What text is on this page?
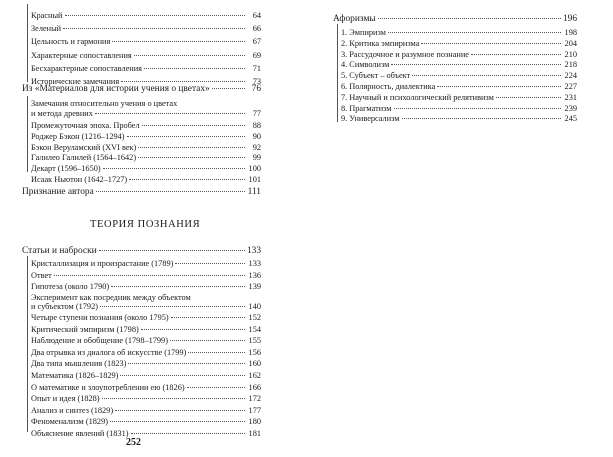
Красный	64
Зеленый	66
Цельность и гармония	67
Характерные сопоставления	69
Бесхарактерные сопоставления	71
Исторические замечания	73
Из «Материалов для истории учения о цветах»	76
Замечания относительно учения о цветах
и метода древних	77
Промежуточная эпоха. Пробел	88
Роджер Бэкон (1216–1294)	90
Бэкон Веруламский (XVI век)	92
Галилео Галилей (1564–1642)	99
Декарт (1596–1650)	100
Исаак Ньютон (1642–1727)	101
Признание автора	111
ТЕОРИЯ ПОЗНАНИЯ
Статьи и наброски	133
Кристаллизация и произрастание (1789)	133
Ответ	136
Гипотеза (около 1790)	139
Эксперимент как посредник между объектом
и субъектом (1792)	140
Четыре ступени познания (около 1795)	152
Критический эмпиризм (1798)	154
Наблюдение и обобщение (1798–1799)	155
Два отрывка из диалога об искусстве (1799)	156
Два типа мышления (1823)	160
Математика (1826–1829)	162
О математике и злоупотреблении ею (1826)	166
Опыт и идея (1828)	172
Анализ и синтез (1829)	177
Феноменализм (1829)	180
Объяснение явлений (1831)	181
252
Афоризмы	196
1. Эмпиризм	198
2. Критика эмпиризма	204
3. Рассудочное и разумное познание	210
4. Символизм	218
5. Субъект – объект	224
6. Полярность, диалектика	227
7. Научный и психологический релятивизм	231
8. Прагматизм	239
9. Универсализм	245
